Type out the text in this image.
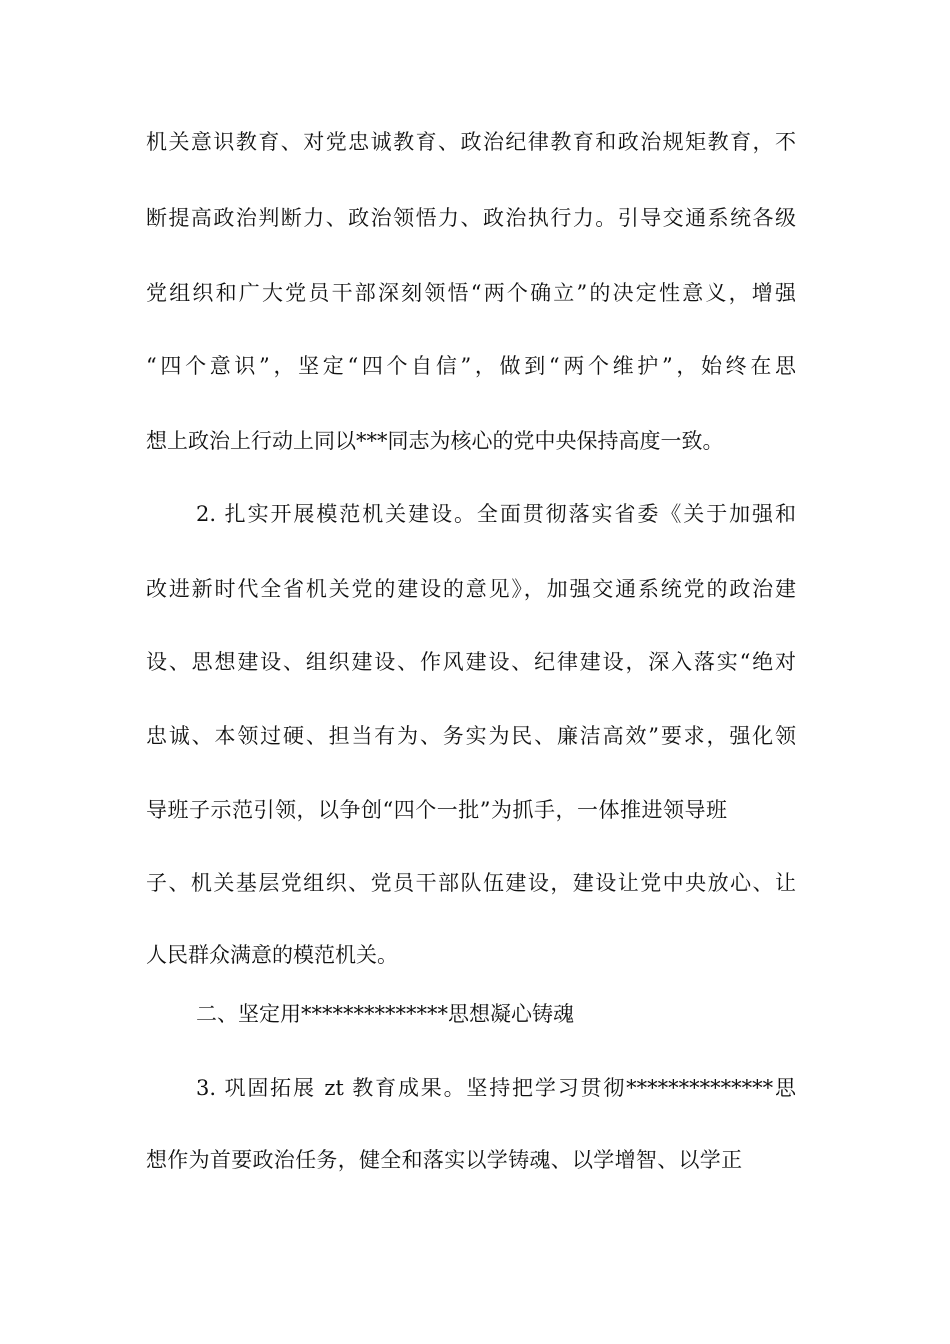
机关意识教育、对党忠诚教育、政治纪律教育和政治规矩教育，不
断提高政治判断力、政治领悟力、政治执行力。引导交通系统各级
党组织和广大党员干部深刻领悟“两个确立”的决定性意义，增强
“四个意识”，坚定“四个自信”，做到“两个维护”，始终在思
想上政治上行动上同以***同志为核心的党中央保持高度一致。
2. 扎实开展模范机关建设。全面贯彻落实省委《关于加强和
改进新时代全省机关党的建设的意见》，加强交通系统党的政治建
设、思想建设、组织建设、作风建设、纪律建设，深入落实“绝对
忠诚、本领过硬、担当有为、务实为民、廉洁高效”要求，强化领
导班子示范引领，以争创“四个一批”为抓手，一体推进领导班
子、机关基层党组织、党员干部队伍建设，建设让党中央放心、让
人民群众满意的模范机关。
二、坚定用**************思想凝心铸魂
3. 巩固拓展 zt 教育成果。坚持把学习贯彻**************思
想作为首要政治任务，健全和落实以学铸魂、以学增智、以学正
